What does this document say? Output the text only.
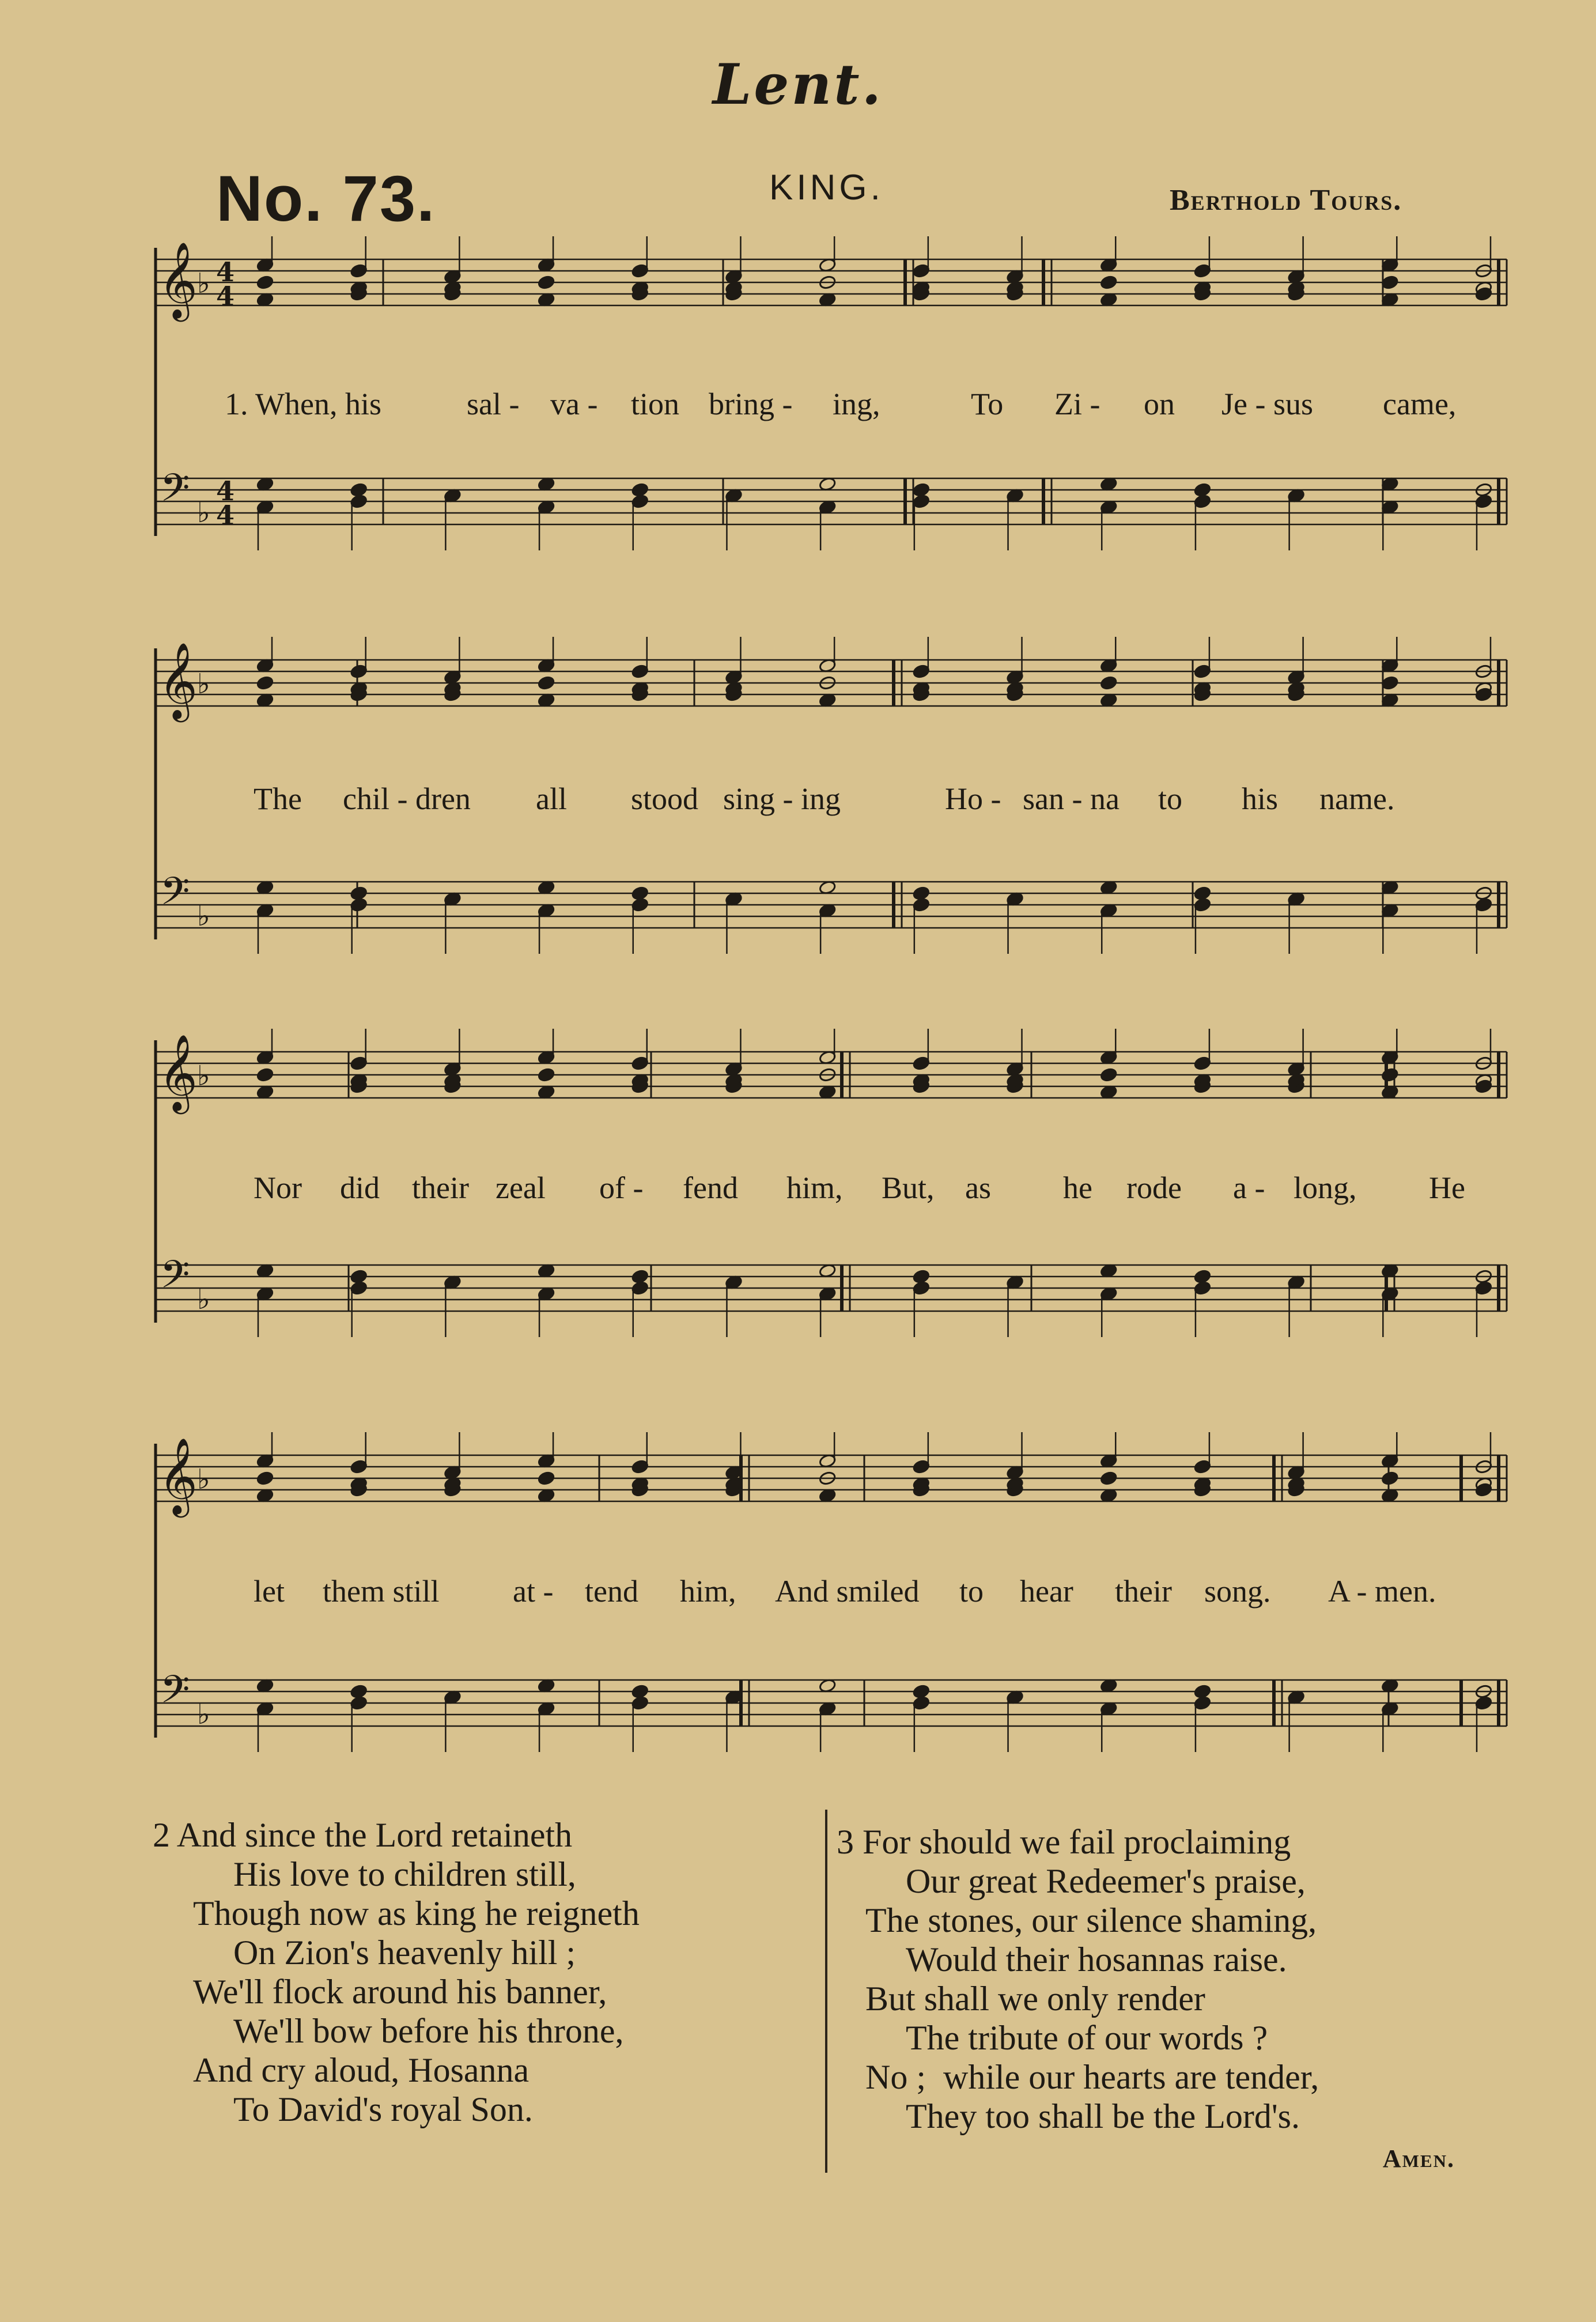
Lent.
No. 73.	KING.	Berthold Tours.
𝄞
𝄢
♭
♭
4
4
4
4
𝄞
𝄢
♭
♭
𝄞
𝄢
♭
♭
𝄞
𝄢
♭
♭
1. When, his	sal - va - tion bring - ing,	To Zi - on Je - sus came,
The chil - dren all stood sing - ing	Ho - san - na to his name.
Nor did their zeal of - fend him, But, as he rode a - long, He
let them still at - tend him, And smiled to hear their song. A - men.
2 And since the Lord retaineth
His love to children still,
Though now as king he reigneth
On Zion's heavenly hill ;
We'll flock around his banner,
We'll bow before his throne,
And cry aloud, Hosanna
To David's royal Son.
3 For should we fail proclaiming
Our great Redeemer's praise,
The stones, our silence shaming,
Would their hosannas raise.
But shall we only render
The tribute of our words ?
No ;  while our hearts are tender,
They too shall be the Lord's.
Amen.
